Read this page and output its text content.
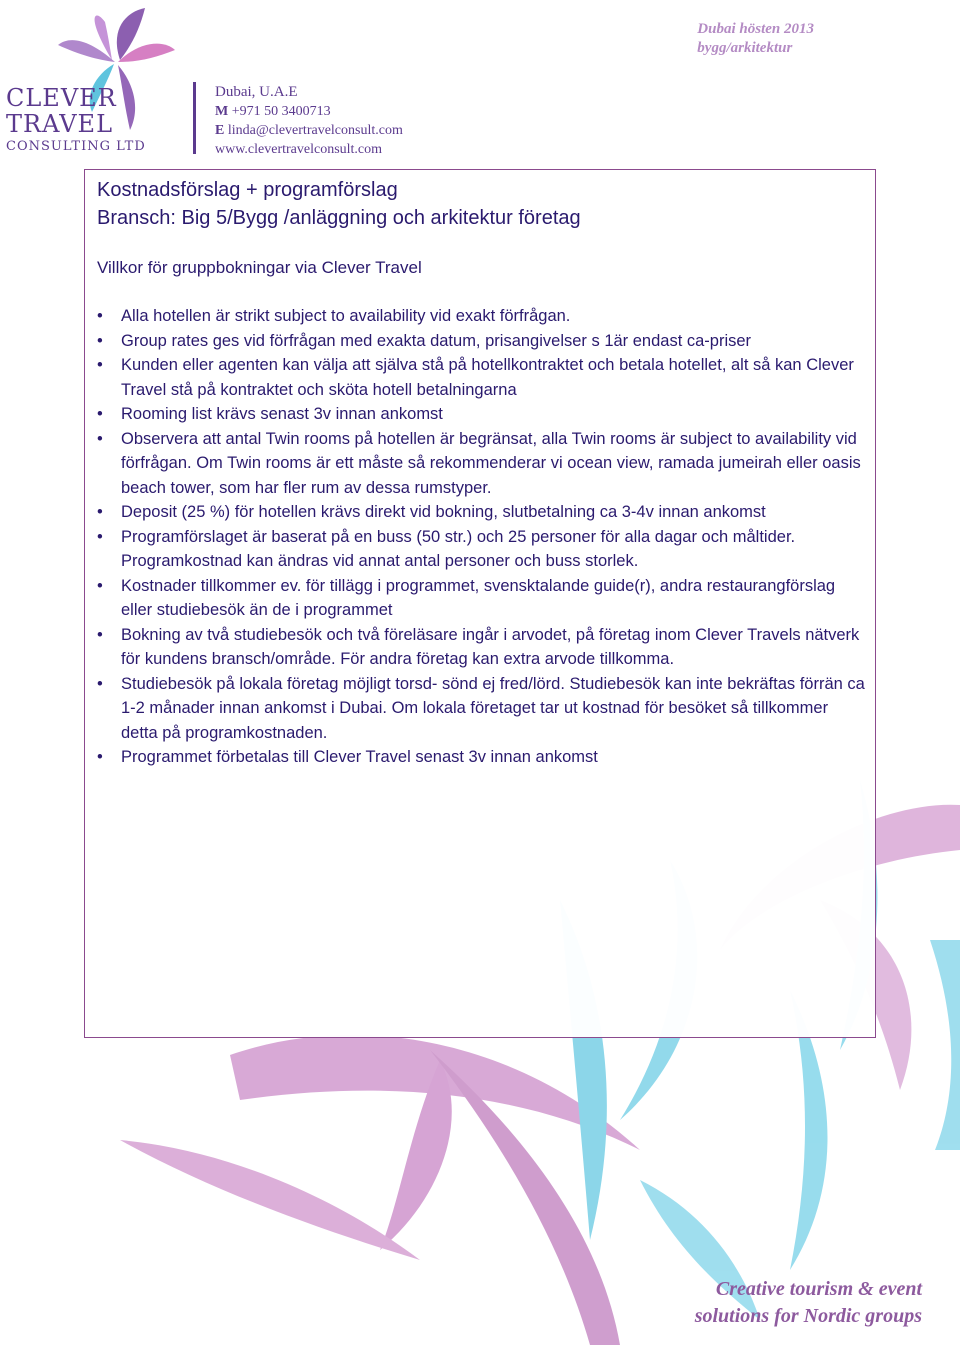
CLEVER
TRAVEL
CONSULTING LTD
Dubai, U.A.E
M +971 50 3400713
E linda@clevertravelconsult.com
www.clevertravelconsult.com
Dubai hösten 2013
bygg/arkitektur
Kostnadsförslag + programförslag
Bransch: Big 5/Bygg /anläggning och arkitektur företag
Villkor för gruppbokningar via Clever Travel
• Alla hotellen är strikt subject to availability vid exakt förfrågan.
• Group rates ges vid förfrågan med exakta datum, prisangivelser s 1är endast ca-priser
• Kunden eller agenten kan välja att själva stå på hotellkontraktet och betala hotellet, alt så kan Clever Travel stå på kontraktet och sköta hotell betalningarna
• Rooming list krävs senast 3v innan ankomst
• Observera att antal Twin rooms på hotellen är begränsat, alla Twin rooms är subject to availability vid förfrågan. Om Twin rooms är ett måste så rekommenderar vi ocean view, ramada jumeirah eller oasis beach tower, som har fler rum av dessa rumstyper.
• Deposit (25 %) för hotellen krävs direkt vid bokning, slutbetalning ca 3-4v innan ankomst
• Programförslaget är baserat på en buss (50 str.) och 25 personer för alla dagar och måltider. Programkostnad kan ändras vid annat antal personer och buss storlek.
• Kostnader tillkommer ev. för tillägg i programmet, svensktalande guide(r), andra restaurangförslag eller studiebesök än de i programmet
• Bokning av två studiebesök och två föreläsare ingår i arvodet, på företag inom Clever Travels nätverk för kundens bransch/område. För andra företag kan extra arvode tillkomma.
• Studiebesök på lokala företag möjligt torsd- sönd ej fred/lörd. Studiebesök kan inte bekräftas förrän ca 1-2 månader innan ankomst i Dubai. Om lokala företaget tar ut kostnad för besöket så tillkommer detta på programkostnaden.
• Programmet förbetalas till Clever Travel senast 3v innan ankomst
Creative tourism & event
solutions for Nordic groups
